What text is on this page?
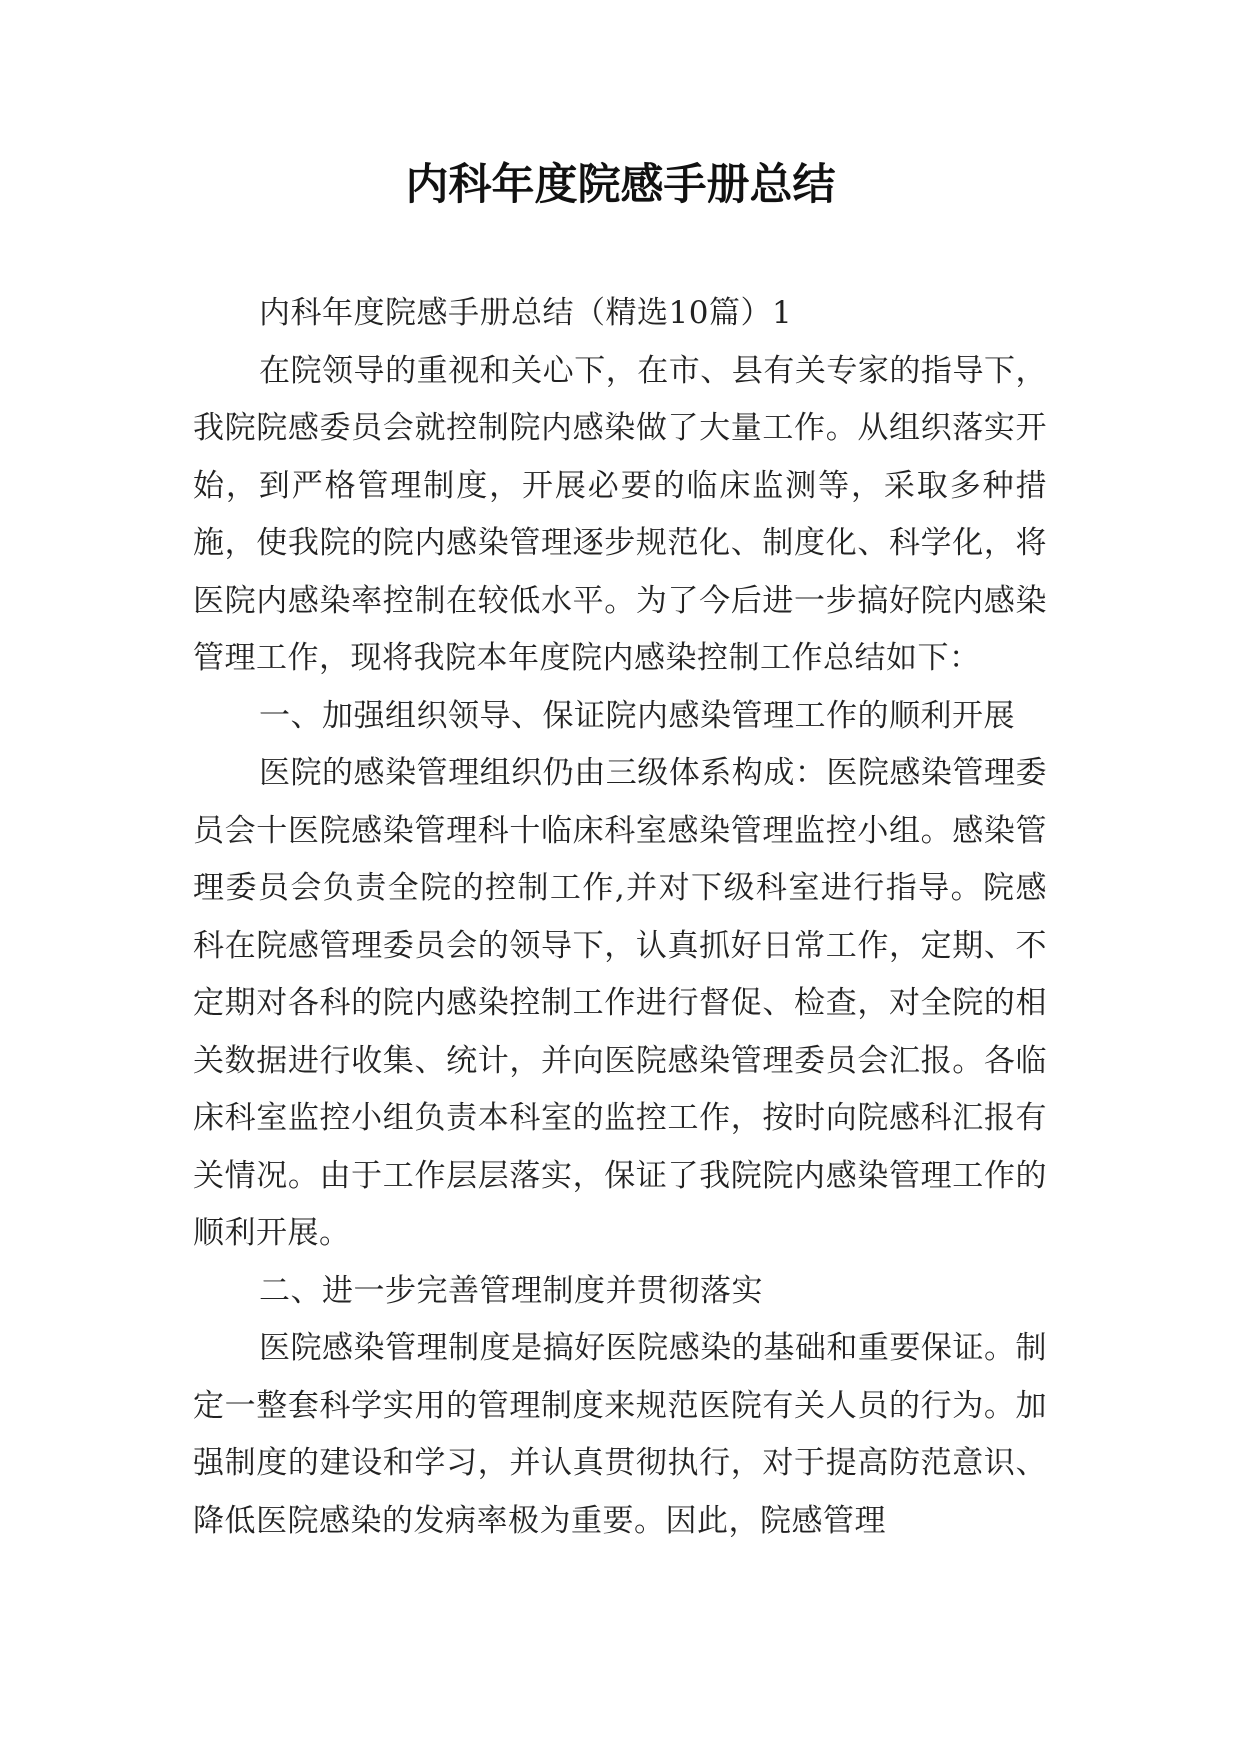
内科年度院感手册总结

内科年度院感手册总结（精选10篇）1

在院领导的重视和关心下，在市、县有关专家的指导下，我院院感委员会就控制院内感染做了大量工作。从组织落实开始，到严格管理制度，开展必要的临床监测等，采取多种措施，使我院的院内感染管理逐步规范化、制度化、科学化，将医院内感染率控制在较低水平。为了今后进一步搞好院内感染管理工作，现将我院本年度院内感染控制工作总结如下：

一、加强组织领导、保证院内感染管理工作的顺利开展

医院的感染管理组织仍由三级体系构成：医院感染管理委员会十医院感染管理科十临床科室感染管理监控小组。感染管理委员会负责全院的控制工作,并对下级科室进行指导。院感科在院感管理委员会的领导下，认真抓好日常工作，定期、不定期对各科的院内感染控制工作进行督促、检查，对全院的相关数据进行收集、统计，并向医院感染管理委员会汇报。各临床科室监控小组负责本科室的监控工作，按时向院感科汇报有关情况。由于工作层层落实，保证了我院院内感染管理工作的顺利开展。

二、进一步完善管理制度并贯彻落实

医院感染管理制度是搞好医院感染的基础和重要保证。制定一整套科学实用的管理制度来规范医院有关人员的行为。加强制度的建设和学习，并认真贯彻执行，对于提高防范意识、降低医院感染的发病率极为重要。因此，院感管理
